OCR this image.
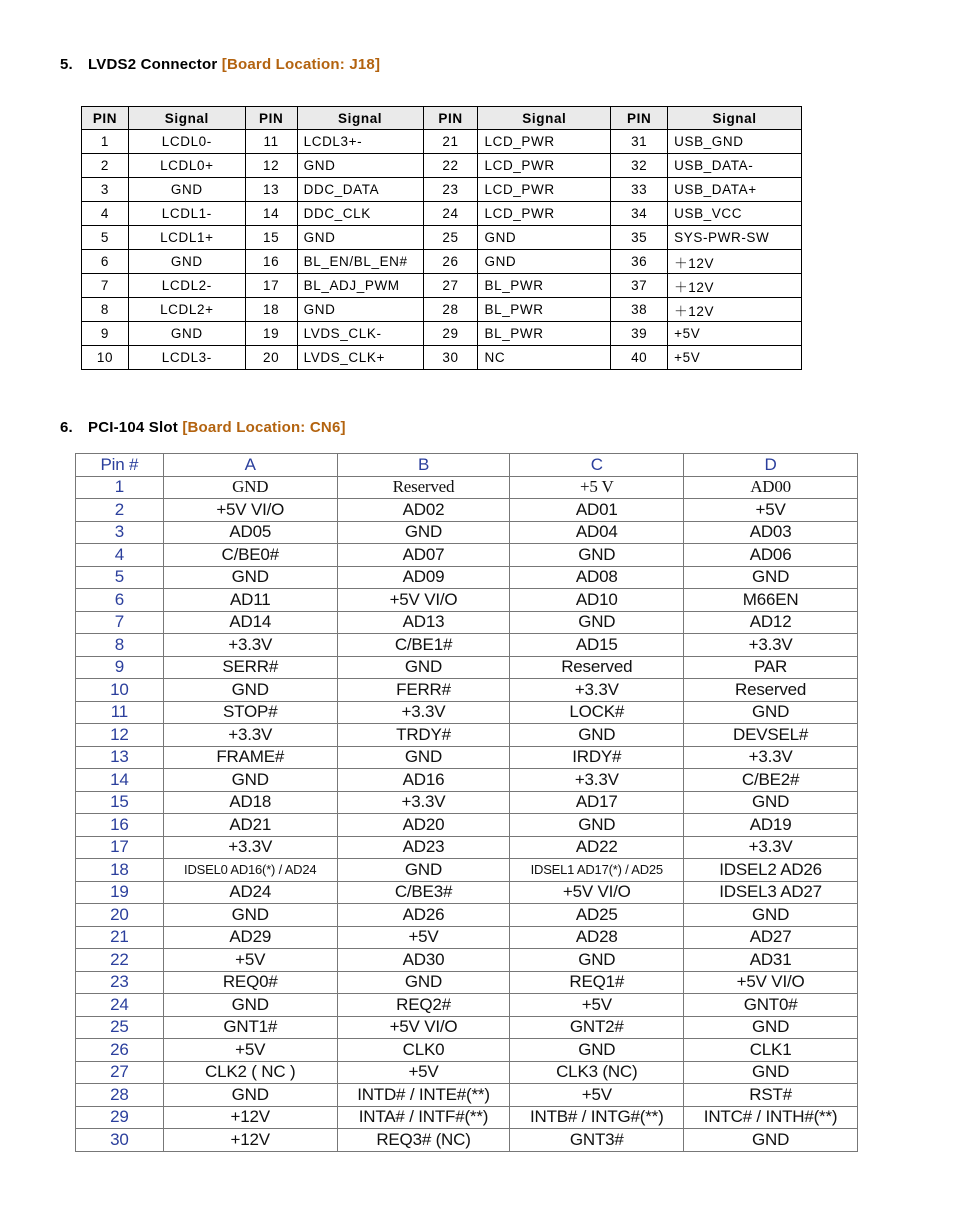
5. LVDS2 Connector [Board Location: J18]
PIN	Signal	PIN	Signal	PIN	Signal	PIN	Signal
1	LCDL0-	11	LCDL3+-	21	LCD_PWR	31	USB_GND
2	LCDL0+	12	GND	22	LCD_PWR	32	USB_DATA-
3	GND	13	DDC_DATA	23	LCD_PWR	33	USB_DATA+
4	LCDL1-	14	DDC_CLK	24	LCD_PWR	34	USB_VCC
5	LCDL1+	15	GND	25	GND	35	SYS-PWR-SW
6	GND	16	BL_EN/BL_EN#	26	GND	36	＋12V
7	LCDL2-	17	BL_ADJ_PWM	27	BL_PWR	37	＋12V
8	LCDL2+	18	GND	28	BL_PWR	38	＋12V
9	GND	19	LVDS_CLK-	29	BL_PWR	39	+5V
10	LCDL3-	20	LVDS_CLK+	30	NC	40	+5V
6. PCI-104 Slot [Board Location: CN6]
Pin #	A	B	C	D
1	GND	Reserved	+5 V	AD00
2	+5V VI/O	AD02	AD01	+5V
3	AD05	GND	AD04	AD03
4	C/BE0#	AD07	GND	AD06
5	GND	AD09	AD08	GND
6	AD11	+5V VI/O	AD10	M66EN
7	AD14	AD13	GND	AD12
8	+3.3V	C/BE1#	AD15	+3.3V
9	SERR#	GND	Reserved	PAR
10	GND	FERR#	+3.3V	Reserved
11	STOP#	+3.3V	LOCK#	GND
12	+3.3V	TRDY#	GND	DEVSEL#
13	FRAME#	GND	IRDY#	+3.3V
14	GND	AD16	+3.3V	C/BE2#
15	AD18	+3.3V	AD17	GND
16	AD21	AD20	GND	AD19
17	+3.3V	AD23	AD22	+3.3V
18	IDSEL0 AD16(*) / AD24	GND	IDSEL1 AD17(*) / AD25	IDSEL2 AD26
19	AD24	C/BE3#	+5V VI/O	IDSEL3 AD27
20	GND	AD26	AD25	GND
21	AD29	+5V	AD28	AD27
22	+5V	AD30	GND	AD31
23	REQ0#	GND	REQ1#	+5V VI/O
24	GND	REQ2#	+5V	GNT0#
25	GNT1#	+5V VI/O	GNT2#	GND
26	+5V	CLK0	GND	CLK1
27	CLK2 ( NC )	+5V	CLK3 (NC)	GND
28	GND	INTD# / INTE#(**)	+5V	RST#
29	+12V	INTA# / INTF#(**)	INTB# / INTG#(**)	INTC# / INTH#(**)
30	+12V	REQ3# (NC)	GNT3#	GND
